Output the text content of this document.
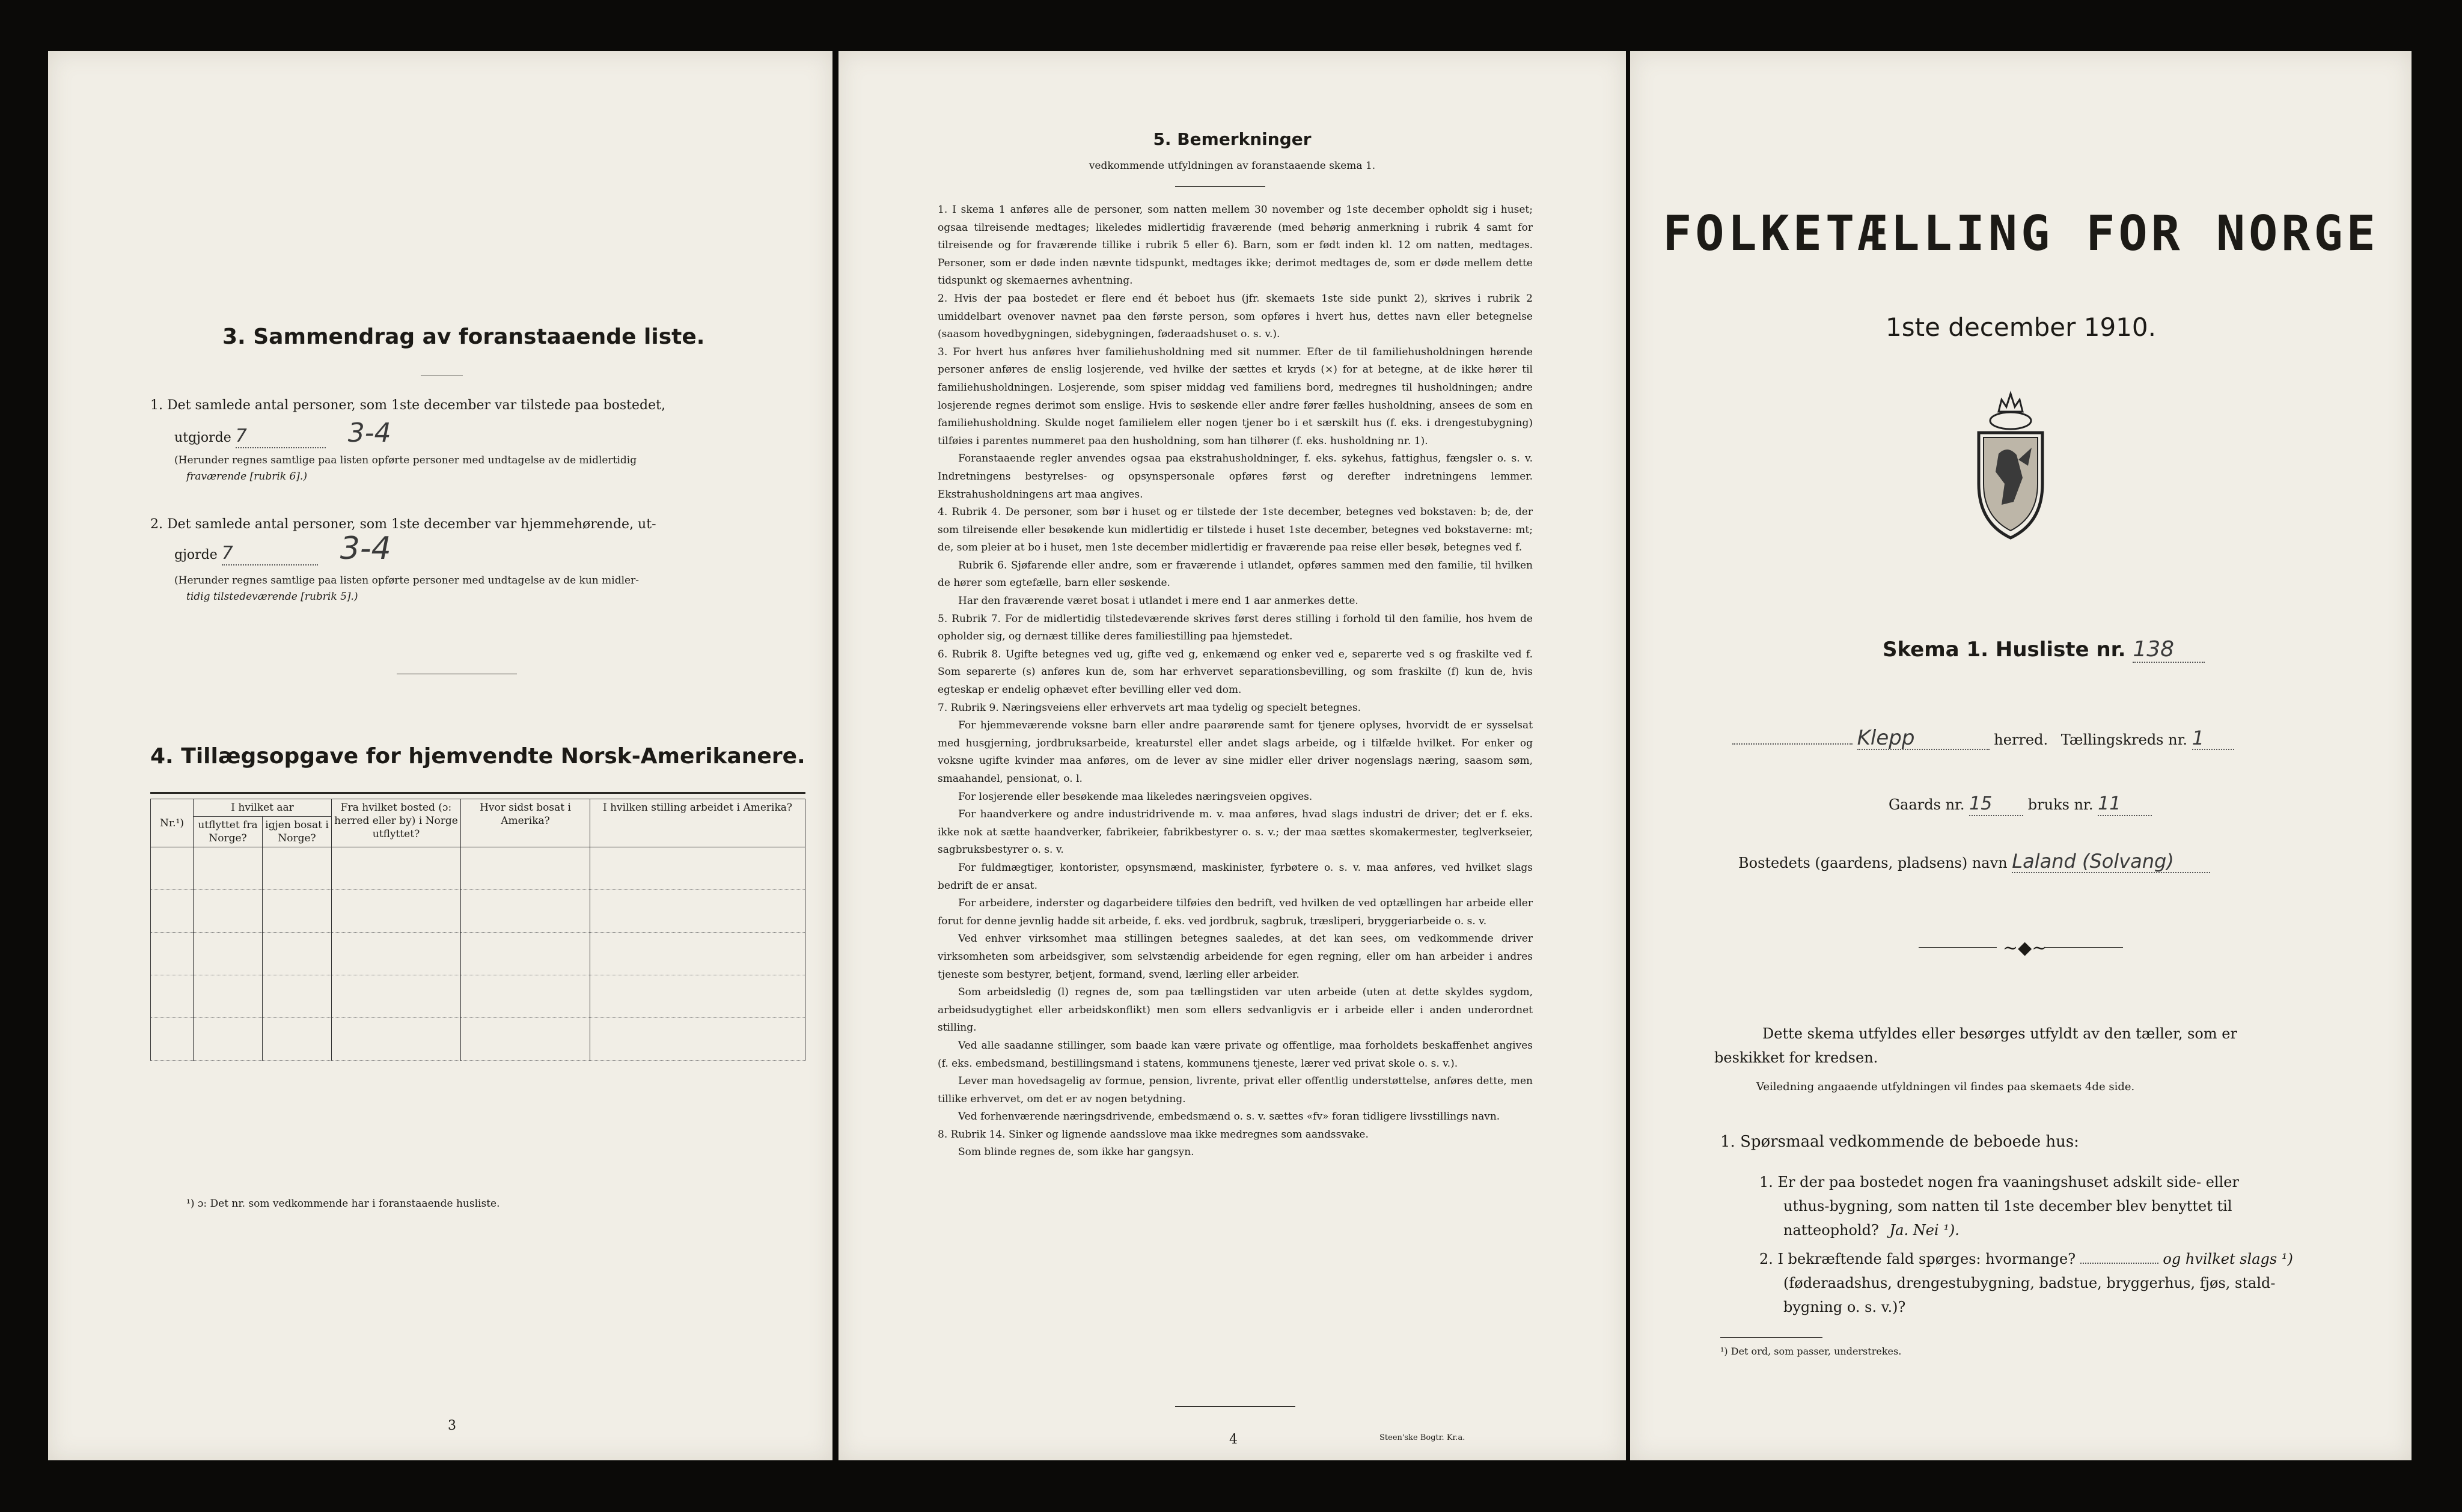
3. Sammendrag av foranstaaende liste.
1. Det samlede antal personer, som 1ste december var tilstede paa bostedet,
utgjorde 7	3-4
(Herunder regnes samtlige paa listen opførte personer med undtagelse av de midlertidig
fraværende [rubrik 6].)
2. Det samlede antal personer, som 1ste december var hjemmehørende, ut-
gjorde 7	3-4
(Herunder regnes samtlige paa listen opførte personer med undtagelse av de kun midler-
tidig tilstedeværende [rubrik 5].)
4. Tillægsopgave for hjemvendte Norsk-Amerikanere.
Nr.¹)	I hvilket aar		Fra hvilket bosted (ɔ: herred eller by) i Norge utflyttet?	Hvor sidst bosat i Amerika?	I hvilken stilling arbeidet i Amerika?
	utflyttet fra Norge?	igjen bosat i Norge?			

¹) ɔ: Det nr. som vedkommende har i foranstaaende husliste.
3
5. Bemerkninger
vedkommende utfyldningen av foranstaaende skema 1.

1. I skema 1 anføres alle de personer, som natten mellem 30 november og 1ste december opholdt sig i huset; ogsaa tilreisende medtages; likeledes midlertidig fraværende (med behørig anmerkning i rubrik 4 samt for tilreisende og for fraværende tillike i rubrik 5 eller 6). Barn, som er født inden kl. 12 om natten, medtages. Personer, som er døde inden nævnte tidspunkt, medtages ikke; derimot medtages de, som er døde mellem dette tidspunkt og skemaernes avhentning.

2. Hvis der paa bostedet er flere end ét beboet hus (jfr. skemaets 1ste side punkt 2), skrives i rubrik 2 umiddelbart ovenover navnet paa den første person, som opføres i hvert hus, dettes navn eller betegnelse (saasom hovedbygningen, sidebygningen, føderaadshuset o. s. v.).

3. For hvert hus anføres hver familiehusholdning med sit nummer. Efter de til familiehusholdningen hørende personer anføres de enslig losjerende, ved hvilke der sættes et kryds (×) for at betegne, at de ikke hører til familiehusholdningen. Losjerende, som spiser middag ved familiens bord, medregnes til husholdningen; andre losjerende regnes derimot som enslige. Hvis to søskende eller andre fører fælles husholdning, ansees de som en familiehusholdning. Skulde noget familielem eller nogen tjener bo i et særskilt hus (f. eks. i drengestubygning) tilføies i parentes nummeret paa den husholdning, som han tilhører (f. eks. husholdning nr. 1).

Foranstaaende regler anvendes ogsaa paa ekstrahusholdninger, f. eks. sykehus, fattighus, fængsler o. s. v. Indretningens bestyrelses- og opsynspersonale opføres først og derefter indretningens lemmer. Ekstrahusholdningens art maa angives.

4. Rubrik 4. De personer, som bør i huset og er tilstede der 1ste december, betegnes ved bokstaven: b; de, der som tilreisende eller besøkende kun midlertidig er tilstede i huset 1ste december, betegnes ved bokstaverne: mt; de, som pleier at bo i huset, men 1ste december midlertidig er fraværende paa reise eller besøk, betegnes ved f.

Rubrik 6. Sjøfarende eller andre, som er fraværende i utlandet, opføres sammen med den familie, til hvilken de hører som egtefælle, barn eller søskende.

Har den fraværende været bosat i utlandet i mere end 1 aar anmerkes dette.

5. Rubrik 7. For de midlertidig tilstedeværende skrives først deres stilling i forhold til den familie, hos hvem de opholder sig, og dernæst tillike deres familiestilling paa hjemstedet.

6. Rubrik 8. Ugifte betegnes ved ug, gifte ved g, enkemænd og enker ved e, separerte ved s og fraskilte ved f. Som separerte (s) anføres kun de, som har erhvervet separationsbevilling, og som fraskilte (f) kun de, hvis egteskap er endelig ophævet efter bevilling eller ved dom.

7. Rubrik 9. Næringsveiens eller erhvervets art maa tydelig og specielt betegnes.

For hjemmeværende voksne barn eller andre paarørende samt for tjenere oplyses, hvorvidt de er sysselsat med husgjerning, jordbruksarbeide, kreaturstel eller andet slags arbeide, og i tilfælde hvilket. For enker og voksne ugifte kvinder maa anføres, om de lever av sine midler eller driver nogenslags næring, saasom søm, smaahandel, pensionat, o. l.

For losjerende eller besøkende maa likeledes næringsveien opgives.

For haandverkere og andre industridrivende m. v. maa anføres, hvad slags industri de driver; det er f. eks. ikke nok at sætte haandverker, fabrikeier, fabrikbestyrer o. s. v.; der maa sættes skomakermester, teglverkseier, sagbruksbestyrer o. s. v.

For fuldmægtiger, kontorister, opsynsmænd, maskinister, fyrbøtere o. s. v. maa anføres, ved hvilket slags bedrift de er ansat.

For arbeidere, inderster og dagarbeidere tilføies den bedrift, ved hvilken de ved optællingen har arbeide eller forut for denne jevnlig hadde sit arbeide, f. eks. ved jordbruk, sagbruk, træsliperi, bryggeriarbeide o. s. v.

Ved enhver virksomhet maa stillingen betegnes saaledes, at det kan sees, om vedkommende driver virksomheten som arbeidsgiver, som selvstændig arbeidende for egen regning, eller om han arbeider i andres tjeneste som bestyrer, betjent, formand, svend, lærling eller arbeider.

Som arbeidsledig (l) regnes de, som paa tællingstiden var uten arbeide (uten at dette skyldes sygdom, arbeidsudygtighet eller arbeidskonflikt) men som ellers sedvanligvis er i arbeide eller i anden underordnet stilling.

Ved alle saadanne stillinger, som baade kan være private og offentlige, maa forholdets beskaffenhet angives (f. eks. embedsmand, bestillingsmand i statens, kommunens tjeneste, lærer ved privat skole o. s. v.).

Lever man hovedsagelig av formue, pension, livrente, privat eller offentlig understøttelse, anføres dette, men tillike erhvervet, om det er av nogen betydning.

Ved forhenværende næringsdrivende, embedsmænd o. s. v. sættes «fv» foran tidligere livsstillings navn.

8. Rubrik 14. Sinker og lignende aandsslove maa ikke medregnes som aandssvake.

Som blinde regnes de, som ikke har gangsyn.

4	Steen'ske Bogtr. Kr.a.
FOLKETÆLLING FOR NORGE
1ste december 1910.
Skema 1. Husliste nr. 138
Klepp	herred. Tællingskreds nr. 1
Gaards nr. 15 bruks nr. 11
Bostedets (gaardens, pladsens) navn Laland (Solvang)
~◆~
Dette skema utfyldes eller besørges utfyldt av den tæller, som er
beskikket for kredsen.
Veiledning angaaende utfyldningen vil findes paa skemaets 4de side.
1. Spørsmaal vedkommende de beboede hus:
1. Er der paa bostedet nogen fra vaaningshuset adskilt side- eller
uthus-bygning, som natten til 1ste december blev benyttet til
natteophold? Ja. Nei ¹).
2. I bekræftende fald spørges: hvormange?	og hvilket slags ¹)
(føderaadshus, drengestubygning, badstue, bryggerhus, fjøs, stald-
bygning o. s. v.)?
¹) Det ord, som passer, understrekes.
